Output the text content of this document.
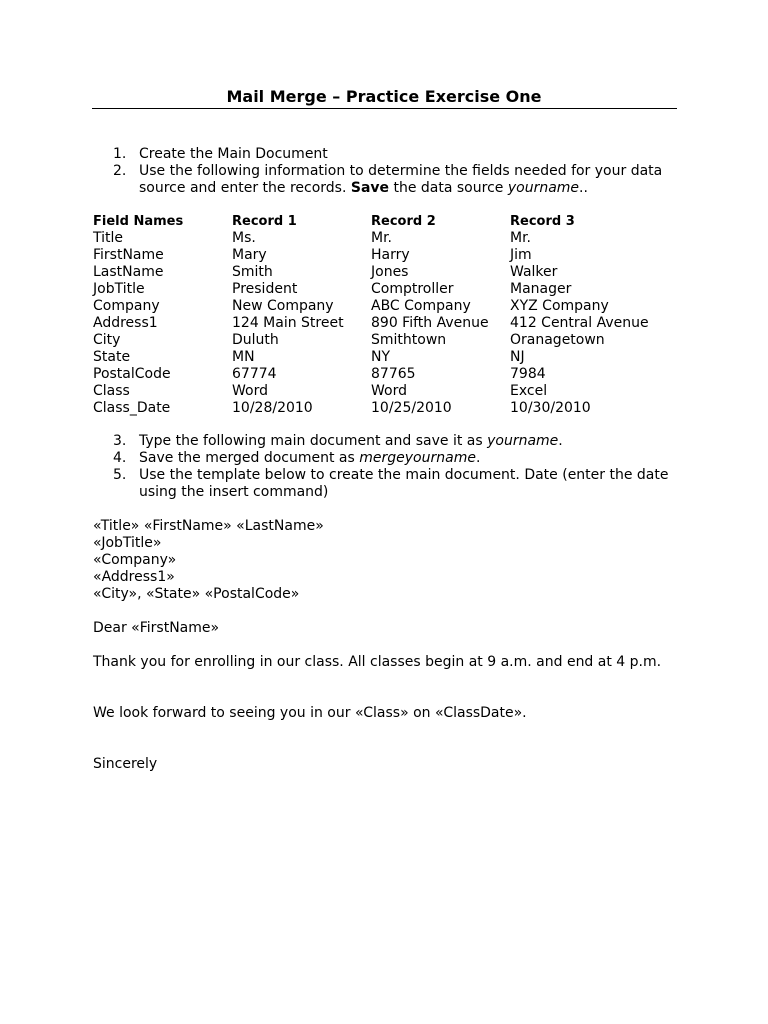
Mail Merge – Practice Exercise One
1. Create the Main Document
2. Use the following information to determine the fields needed for your data source and enter the records. Save the data source yourname..
Field Names	Record 1	Record 2	Record 3
Title	Ms.	Mr.	Mr.
FirstName	Mary	Harry	Jim
LastName	Smith	Jones	Walker
JobTitle	President	Comptroller	Manager
Company	New Company	ABC Company	XYZ Company
Address1	124 Main Street	890 Fifth Avenue	412 Central Avenue
City	Duluth	Smithtown	Oranagetown
State	MN	NY	NJ
PostalCode	67774	87765	7984
Class	Word	Word	Excel
Class_Date	10/28/2010	10/25/2010	10/30/2010
3. Type the following main document and save it as yourname.
4. Save the merged document as mergeyourname.
5. Use the template below to create the main document. Date (enter the date using the insert command)
«Title» «FirstName» «LastName»
«JobTitle»
«Company»
«Address1»
«City», «State» «PostalCode»
Dear «FirstName»
Thank you for enrolling in our class. All classes begin at 9 a.m. and end at 4 p.m.
We look forward to seeing you in our «Class» on «ClassDate».
Sincerely
